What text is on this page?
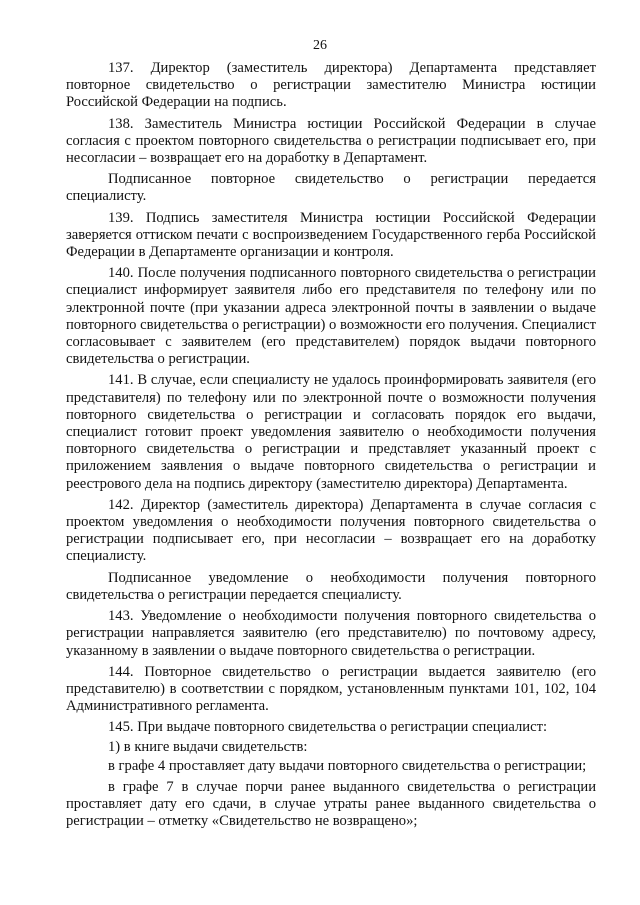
26

137. Директор (заместитель директора) Департамента представляет повторное свидетельство о регистрации заместителю Министра юстиции Российской Федерации на подпись.

138. Заместитель Министра юстиции Российской Федерации в случае согласия с проектом повторного свидетельства о регистрации подписывает его, при несогласии – возвращает его на доработку в Департамент.

Подписанное повторное свидетельство о регистрации передается специалисту.

139. Подпись заместителя Министра юстиции Российской Федерации заверяется оттиском печати с воспроизведением Государственного герба Российской Федерации в Департаменте организации и контроля.

140. После получения подписанного повторного свидетельства о регистрации специалист информирует заявителя либо его представителя по телефону или по электронной почте (при указании адреса электронной почты в заявлении о выдаче повторного свидетельства о регистрации) о возможности его получения. Специалист согласовывает с заявителем (его представителем) порядок выдачи повторного свидетельства о регистрации.

141. В случае, если специалисту не удалось проинформировать заявителя (его представителя) по телефону или по электронной почте о возможности получения повторного свидетельства о регистрации и согласовать порядок его выдачи, специалист готовит проект уведомления заявителю о необходимости получения повторного свидетельства о регистрации и представляет указанный проект с приложением заявления о выдаче повторного свидетельства о регистрации и реестрового дела на подпись директору (заместителю директора) Департамента.

142. Директор (заместитель директора) Департамента в случае согласия с проектом уведомления о необходимости получения повторного свидетельства о регистрации подписывает его, при несогласии – возвращает его на доработку специалисту.

Подписанное уведомление о необходимости получения повторного свидетельства о регистрации передается специалисту.

143. Уведомление о необходимости получения повторного свидетельства о регистрации направляется заявителю (его представителю) по почтовому адресу, указанному в заявлении о выдаче повторного свидетельства о регистрации.

144. Повторное свидетельство о регистрации выдается заявителю (его представителю) в соответствии с порядком, установленным пунктами 101, 102, 104 Административного регламента.

145. При выдаче повторного свидетельства о регистрации специалист:

1) в книге выдачи свидетельств:

в графе 4 проставляет дату выдачи повторного свидетельства о регистрации;

в графе 7 в случае порчи ранее выданного свидетельства о регистрации проставляет дату его сдачи, в случае утраты ранее выданного свидетельства о регистрации – отметку «Свидетельство не возвращено»;
